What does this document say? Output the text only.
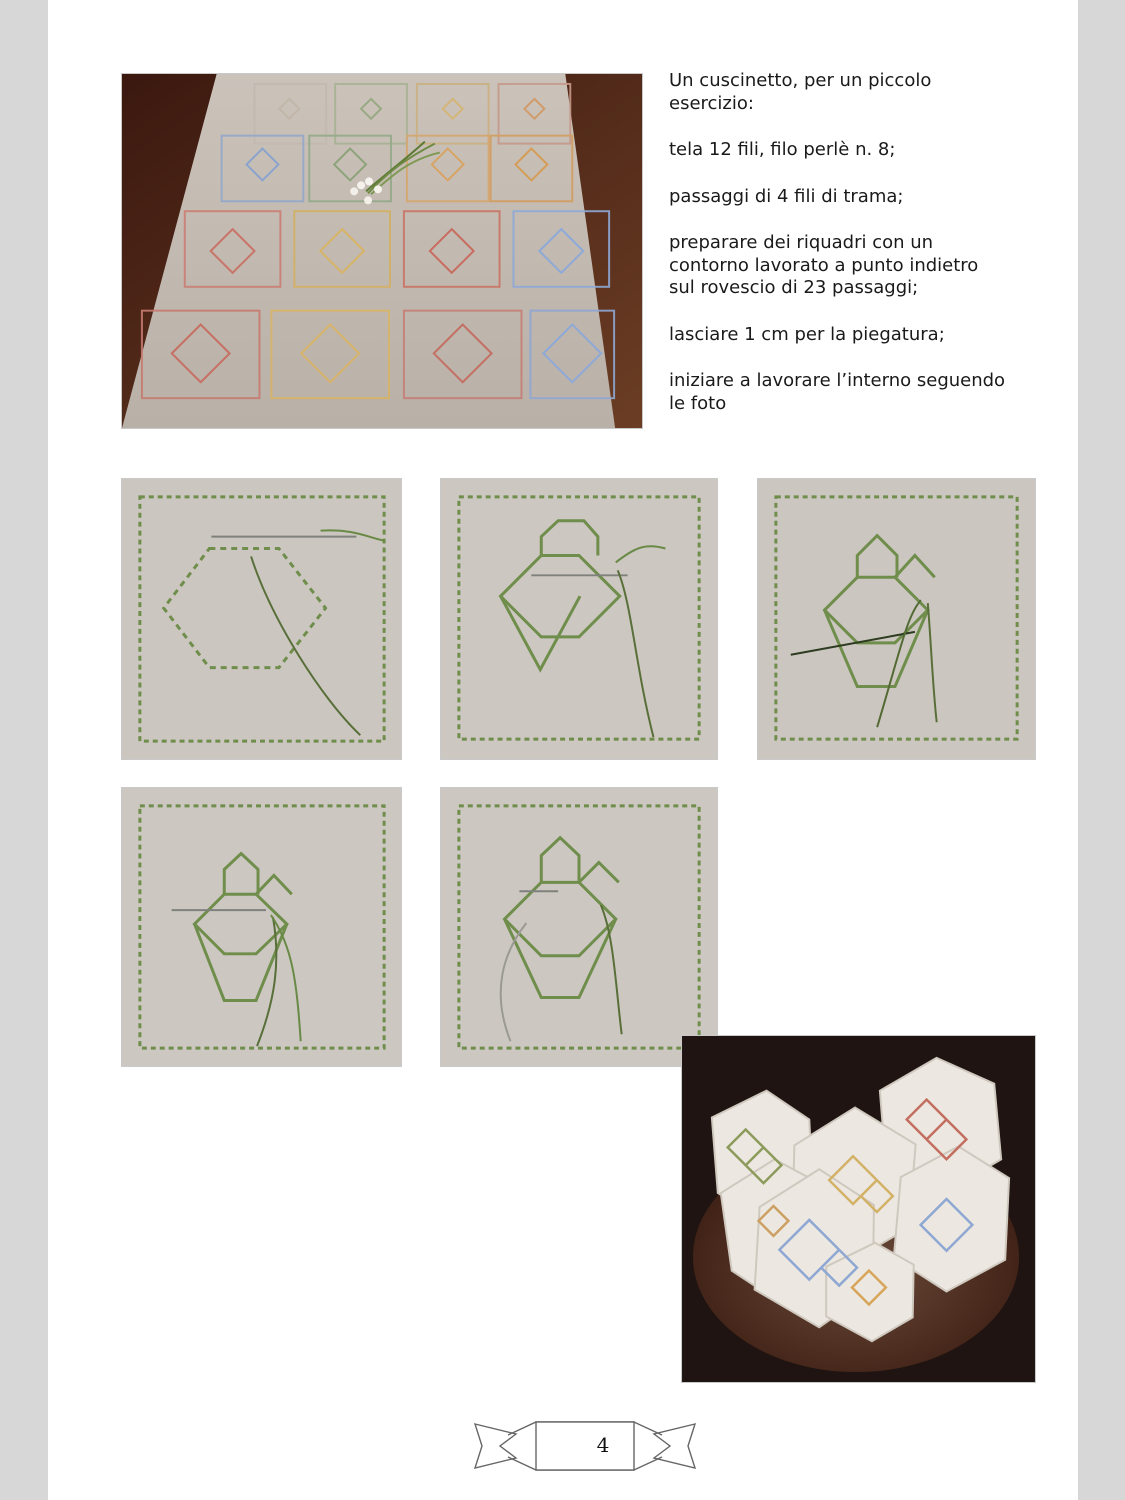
Un cuscinetto, per un piccolo
esercizio:

tela 12 fili, filo perlè n. 8;

passaggi di 4 fili di trama;

preparare dei riquadri con un
contorno lavorato a punto indietro
sul rovescio di 23 passaggi;

lasciare 1 cm per la piegatura;

iniziare a lavorare l’interno seguendo
le foto

4
